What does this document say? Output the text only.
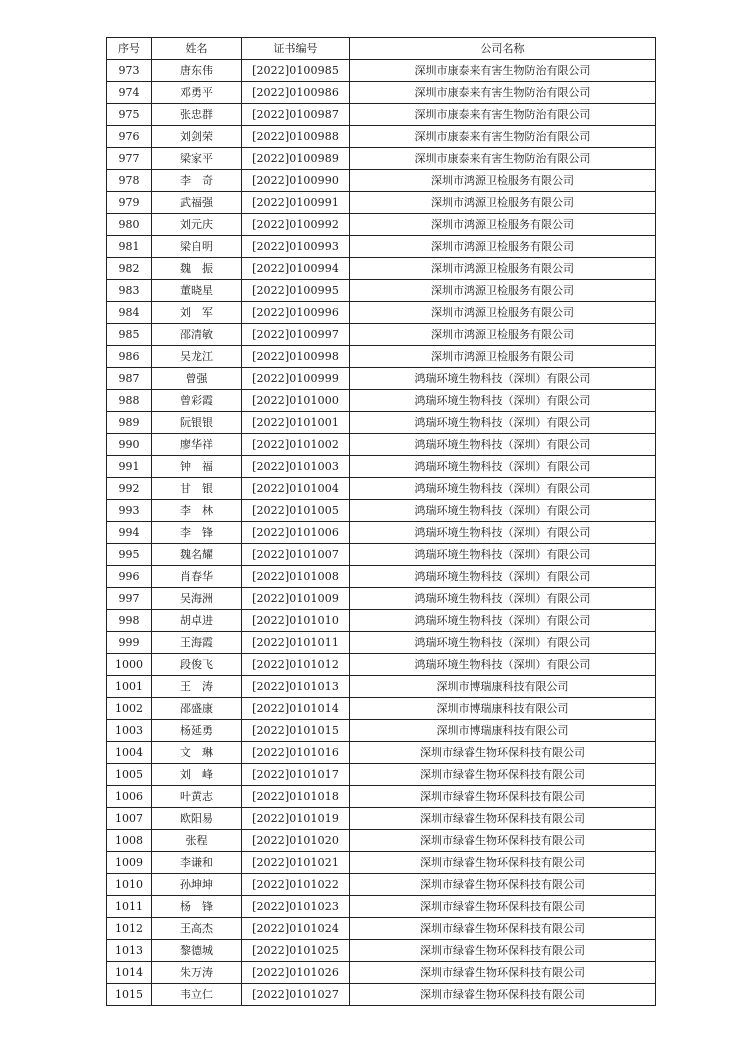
序号	姓名	证书编号	公司名称
973	唐东伟	[2022]0100985	深圳市康泰来有害生物防治有限公司
974	邓勇平	[2022]0100986	深圳市康泰来有害生物防治有限公司
975	张忠群	[2022]0100987	深圳市康泰来有害生物防治有限公司
976	刘剑荣	[2022]0100988	深圳市康泰来有害生物防治有限公司
977	梁家平	[2022]0100989	深圳市康泰来有害生物防治有限公司
978	李　奇	[2022]0100990	深圳市鸿源卫检服务有限公司
979	武福强	[2022]0100991	深圳市鸿源卫检服务有限公司
980	刘元庆	[2022]0100992	深圳市鸿源卫检服务有限公司
981	梁自明	[2022]0100993	深圳市鸿源卫检服务有限公司
982	魏　振	[2022]0100994	深圳市鸿源卫检服务有限公司
983	董晓星	[2022]0100995	深圳市鸿源卫检服务有限公司
984	刘　军	[2022]0100996	深圳市鸿源卫检服务有限公司
985	邵清敏	[2022]0100997	深圳市鸿源卫检服务有限公司
986	吴龙江	[2022]0100998	深圳市鸿源卫检服务有限公司
987	曾强	[2022]0100999	鸿瑞环境生物科技（深圳）有限公司
988	曾彩霞	[2022]0101000	鸿瑞环境生物科技（深圳）有限公司
989	阮银银	[2022]0101001	鸿瑞环境生物科技（深圳）有限公司
990	廖华祥	[2022]0101002	鸿瑞环境生物科技（深圳）有限公司
991	钟　福	[2022]0101003	鸿瑞环境生物科技（深圳）有限公司
992	甘　银	[2022]0101004	鸿瑞环境生物科技（深圳）有限公司
993	李　林	[2022]0101005	鸿瑞环境生物科技（深圳）有限公司
994	李　锋	[2022]0101006	鸿瑞环境生物科技（深圳）有限公司
995	魏名耀	[2022]0101007	鸿瑞环境生物科技（深圳）有限公司
996	肖春华	[2022]0101008	鸿瑞环境生物科技（深圳）有限公司
997	吴海洲	[2022]0101009	鸿瑞环境生物科技（深圳）有限公司
998	胡卓进	[2022]0101010	鸿瑞环境生物科技（深圳）有限公司
999	王海霞	[2022]0101011	鸿瑞环境生物科技（深圳）有限公司
1000	段俊飞	[2022]0101012	鸿瑞环境生物科技（深圳）有限公司
1001	王　涛	[2022]0101013	深圳市博瑞康科技有限公司
1002	邵盛康	[2022]0101014	深圳市博瑞康科技有限公司
1003	杨延勇	[2022]0101015	深圳市博瑞康科技有限公司
1004	文　琳	[2022]0101016	深圳市绿睿生物环保科技有限公司
1005	刘　峰	[2022]0101017	深圳市绿睿生物环保科技有限公司
1006	叶黄志	[2022]0101018	深圳市绿睿生物环保科技有限公司
1007	欧阳易	[2022]0101019	深圳市绿睿生物环保科技有限公司
1008	张程	[2022]0101020	深圳市绿睿生物环保科技有限公司
1009	李谦和	[2022]0101021	深圳市绿睿生物环保科技有限公司
1010	孙坤坤	[2022]0101022	深圳市绿睿生物环保科技有限公司
1011	杨　锋	[2022]0101023	深圳市绿睿生物环保科技有限公司
1012	王高杰	[2022]0101024	深圳市绿睿生物环保科技有限公司
1013	黎德城	[2022]0101025	深圳市绿睿生物环保科技有限公司
1014	朱万涛	[2022]0101026	深圳市绿睿生物环保科技有限公司
1015	韦立仁	[2022]0101027	深圳市绿睿生物环保科技有限公司
